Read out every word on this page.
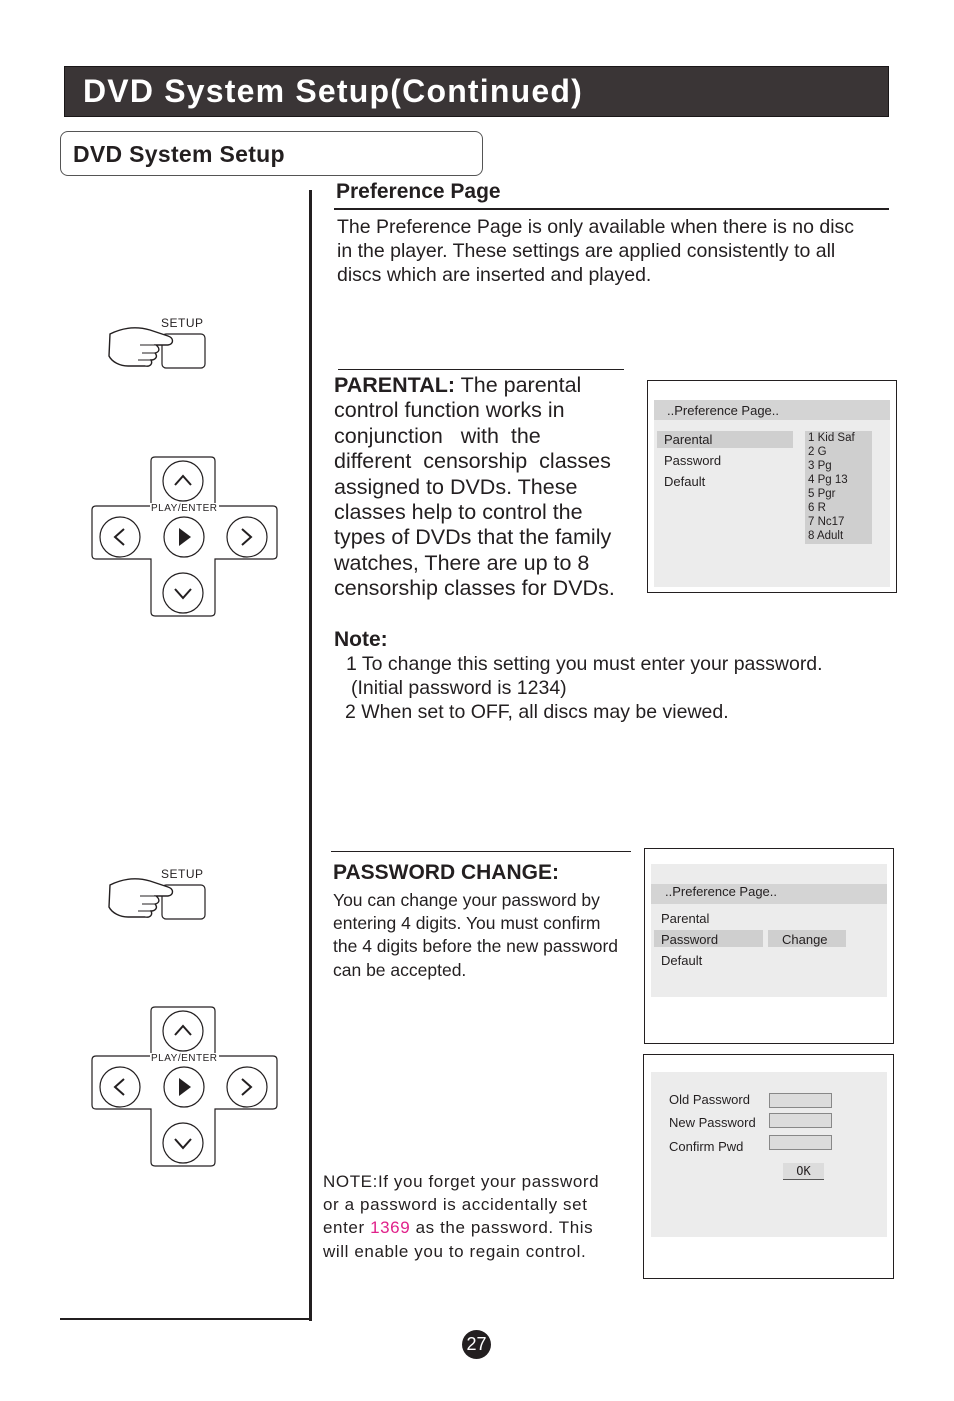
DVD System Setup(Continued)
DVD System Setup
Preference Page
The Preference Page is only available when there is no disc
in the player. These settings are applied consistently to all
discs which are inserted and played.
SETUP
PLAY/ENTER
PARENTAL: The parental
control function works in
conjunction   with  the
different  censorship  classes
assigned to DVDs. These
classes help to control the
types of DVDs that the family
watches, There are up to 8
censorship classes for DVDs.
..Preference Page..
Parental
Password
Default
1 Kid Saf
2 G
3 Pg
4 Pg 13
5 Pgr
6 R
7 Nc17
8 Adult
Note:
1 To change this setting you must enter your password.
(Initial password is 1234)
2 When set to OFF, all discs may be viewed.
SETUP
PLAY/ENTER
PASSWORD CHANGE:
You can change your password by
entering 4 digits. You must confirm
the 4 digits before the new password
can be accepted.
..Preference Page..
Parental
Password	Change
Default
Old Password
New Password
Confirm Pwd
OK
NOTE:If you forget your password
or a password is accidentally set
enter 1369 as the password. This
will enable you to regain control.
27
